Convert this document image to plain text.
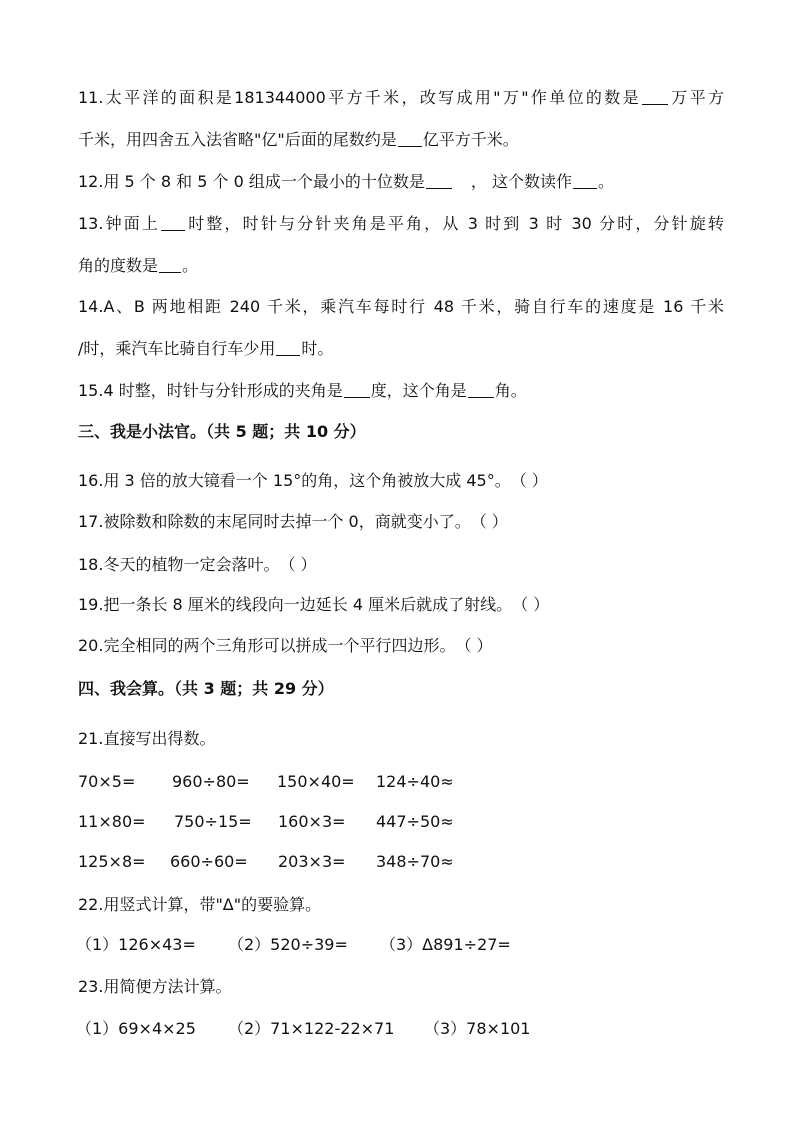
11.太平洋的面积是181344000平方千米，改写成用"万"作单位的数是 万平方
千米，用四舍五入法省略"亿"后面的尾数约是 亿平方千米。
12.用 5 个 8 和 5 个 0 组成一个最小的十位数是	， 这个数读作 。
13.钟面上 时整，时针与分针夹角是平角，从 3 时到 3 时 30 分时，分针旋转
角的度数是 。
14.A、B 两地相距 240 千米，乘汽车每时行 48 千米，骑自行车的速度是 16 千米
/时，乘汽车比骑自行车少用 时。
15.4 时整，时针与分针形成的夹角是 度，这个角是 角。
三、我是小法官。（共 5 题；共 10 分）
16.用 3 倍的放大镜看一个 15°的角，这个角被放大成 45°。（ ）
17.被除数和除数的末尾同时去掉一个 0，商就变小了。（ ）
18.冬天的植物一定会落叶。（ ）
19.把一条长 8 厘米的线段向一边延长 4 厘米后就成了射线。（ ）
20.完全相同的两个三角形可以拼成一个平行四边形。（ ）
四、我会算。（共 3 题；共 29 分）
21.直接写出得数。
70×5= 960÷80= 150×40= 124÷40≈
11×80= 750÷15= 160×3= 447÷50≈
125×8= 660÷60= 203×3= 348÷70≈
22.用竖式计算，带"Δ"的要验算。
（1）126×43= （2）520÷39= （3）Δ891÷27=
23.用简便方法计算。
（1）69×4×25 （2）71×122-22×71 （3）78×101
